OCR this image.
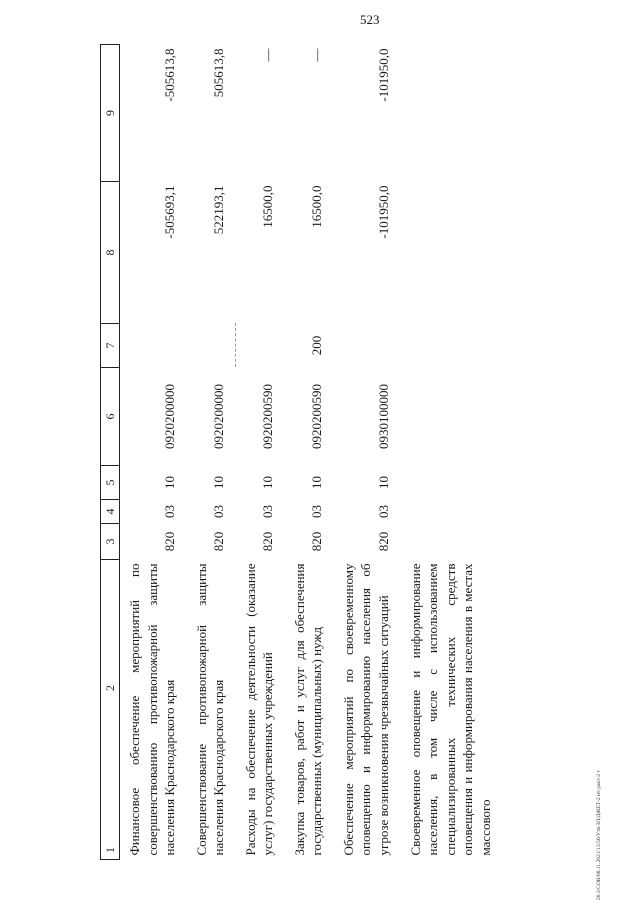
523
20.3/СОВ/08.11.2021/13:56/Утв-ЗЛ/ДЖЕТ-2 нт-дакт-2 т
1  2	3	4	5	6	7	8	9
Финансовое обеспечение мероприятий по совершенствованию противопожарной защиты населения Краснодарского края	820	03	10	0920200000		-505693,1	-505613,8
Совершенствование противопожарной защиты населения Краснодарского края	820	03	10	0920200000		522193,1	505613,8
Расходы на обеспечение деятельности (оказание услуг) государственных учреждений	820	03	10	0920200590		16500,0	—
Закупка товаров, работ и услуг для обеспечения государственных (муниципальных) нужд	820	03	10	0920200590	200	16500,0	—
Обеспечение мероприятий по своевременному оповещению и информированию населения об угрозе возникновения чрезвычайных ситуаций	820	03	10	0930100000		-101950,0	-101950,0
Своевременное оповещение и информирование населения, в том числе с использованием специализированных технических средств оповещения и информирования населения в местах массового							
